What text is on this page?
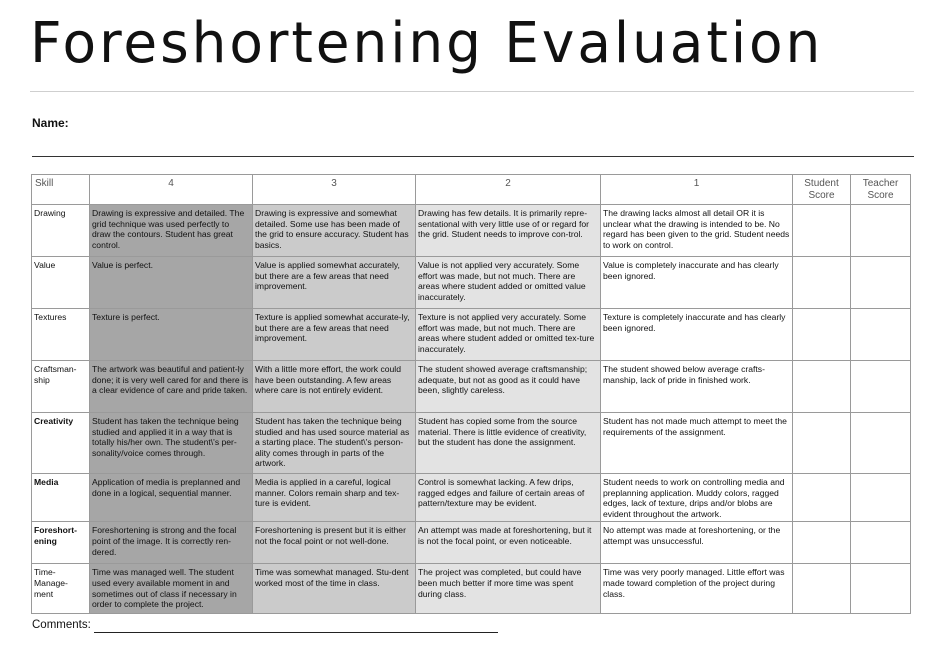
Foreshortening Evaluation
Name:
Skill	4	3	2	1	Student Score	Teacher Score
Drawing	Drawing is expressive and detailed. The grid technique was used perfectly to draw the contours. Student has great control.	Drawing is expressive and somewhat detailed. Some use has been made of the grid to ensure accuracy. Student has basics.	Drawing has few details. It is primarily repre-sentational with very little use of or regard for the grid. Student needs to improve con-trol.	The drawing lacks almost all detail OR it is unclear what the drawing is intended to be. No regard has been given to the grid. Student needs to work on control.		
Value	Value is perfect.	Value is applied somewhat accurately, but there are a few areas that need improvement.	Value is not applied very accurately. Some effort was made, but not much. There are areas where student added or omitted value inaccurately.	Value is completely inaccurate and has clearly been ignored.		
Textures	Texture is perfect.	Texture is applied somewhat accurate-ly, but there are a few areas that need improvement.	Texture is not applied very accurately. Some effort was made, but not much. There are areas where student added or omitted tex-ture inaccurately.	Texture is completely inaccurate and has clearly been ignored.		
Craftsman-ship	The artwork was beautiful and patient-ly done; it is very well cared for and there is a clear evidence of care and pride taken.	With a little more effort, the work could have been outstanding. A few areas where care is not entirely evident.	The student showed average craftsmanship; adequate, but not as good as it could have been, slightly careless.	The student showed below average crafts-manship, lack of pride in finished work.		
Creativity	Student has taken the technique being studied and applied it in a way that is totally his/her own. The student\'s per-sonality/voice comes through.	Student has taken the technique being studied and has used source material as a starting place. The student\'s person-ality comes through in parts of the artwork.	Student has copied some from the source material. There is little evidence of creativity, but the student has done the assignment.	Student has not made much attempt to meet the requirements of the assignment.		
Media	Application of media is preplanned and done in a logical, sequential manner.	Media is applied in a careful, logical manner. Colors remain sharp and tex-ture is evident.	Control is somewhat lacking. A few drips, ragged edges and failure of certain areas of pattern/texture may be evident.	Student needs to work on controlling media and preplanning application. Muddy colors, ragged edges, lack of texture, drips and/or blobs are evident throughout the artwork.		
Foreshort-ening	Foreshortening is strong and the focal point of the image. It is correctly ren-dered.	Foreshortening is present but it is either not the focal point or not well-done.	An attempt was made at foreshortening, but it is not the focal point, or even noticeable.	No attempt was made at foreshortening, or the attempt was unsuccessful.		
Time-Manage-ment	Time was managed well. The student used every available moment in and sometimes out of class if necessary in order to complete the project.	Time was somewhat managed. Stu-dent worked most of the time in class.	The project was completed, but could have been much better if more time was spent during class.	Time was very poorly managed. Little effort was made toward completion of the project during class.		
Comments:
